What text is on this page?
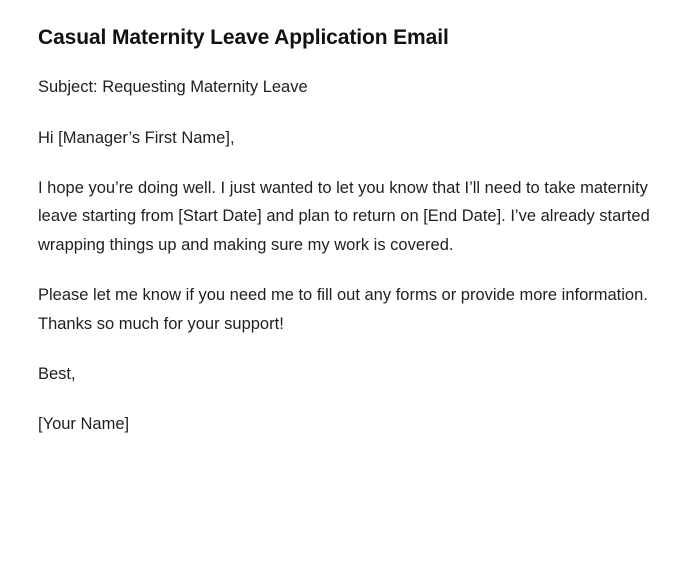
Casual Maternity Leave Application Email

Subject: Requesting Maternity Leave

Hi [Manager’s First Name],

I hope you’re doing well. I just wanted to let you know that I’ll need to take maternity leave starting from [Start Date] and plan to return on [End Date]. I’ve already started wrapping things up and making sure my work is covered.

Please let me know if you need me to fill out any forms or provide more information. Thanks so much for your support!

Best,

[Your Name]
